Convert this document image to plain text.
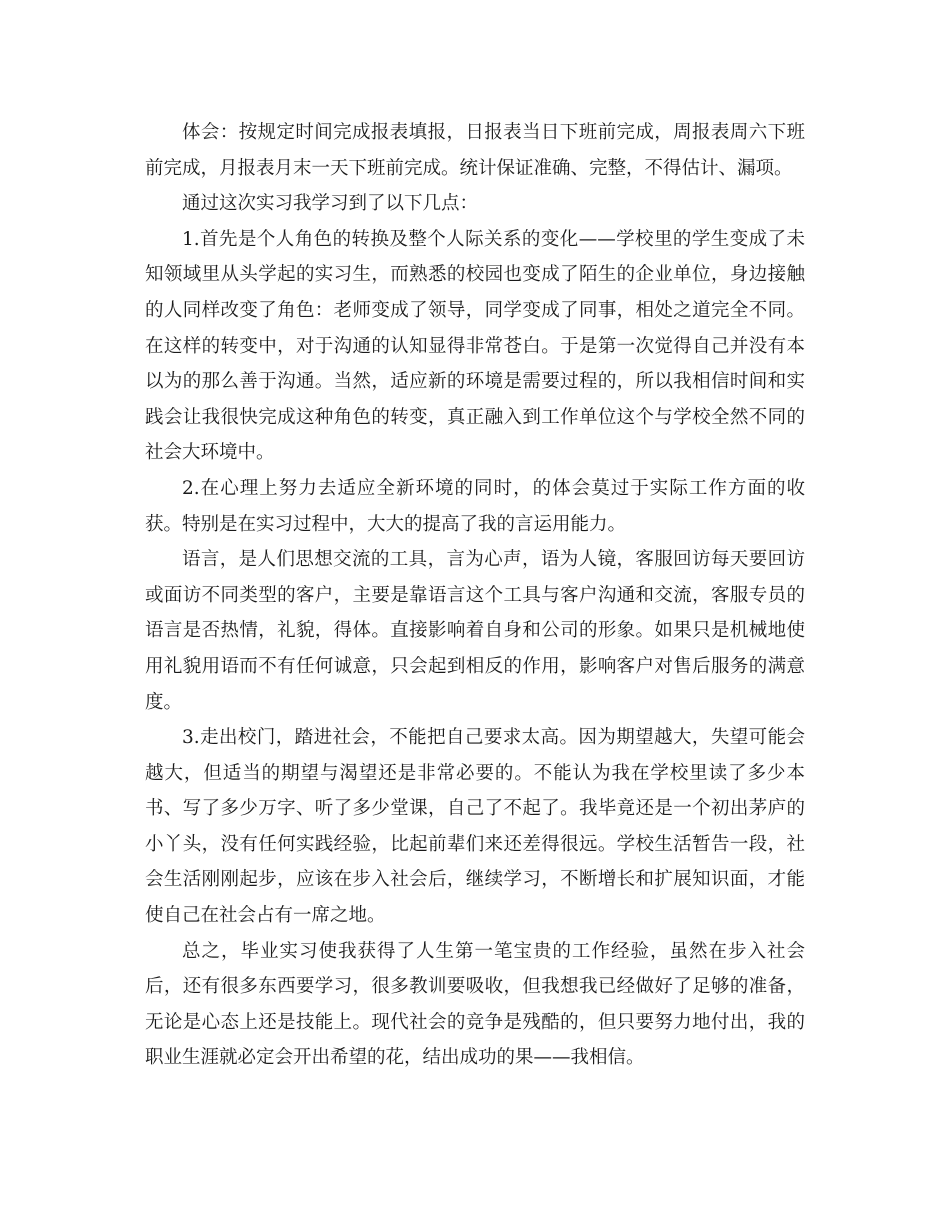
体会：按规定时间完成报表填报，日报表当日下班前完成，周报表周六下班前完成，月报表月末一天下班前完成。统计保证准确、完整，不得估计、漏项。

通过这次实习我学习到了以下几点：

1.首先是个人角色的转换及整个人际关系的变化——学校里的学生变成了未知领域里从头学起的实习生，而熟悉的校园也变成了陌生的企业单位，身边接触的人同样改变了角色：老师变成了领导，同学变成了同事，相处之道完全不同。在这样的转变中，对于沟通的认知显得非常苍白。于是第一次觉得自己并没有本以为的那么善于沟通。当然，适应新的环境是需要过程的，所以我相信时间和实践会让我很快完成这种角色的转变，真正融入到工作单位这个与学校全然不同的社会大环境中。

2.在心理上努力去适应全新环境的同时，的体会莫过于实际工作方面的收获。特别是在实习过程中，大大的提高了我的言运用能力。

语言，是人们思想交流的工具，言为心声，语为人镜，客服回访每天要回访或面访不同类型的客户，主要是靠语言这个工具与客户沟通和交流，客服专员的语言是否热情，礼貌，得体。直接影响着自身和公司的形象。如果只是机械地使用礼貌用语而不有任何诚意，只会起到相反的作用，影响客户对售后服务的满意度。

3.走出校门，踏进社会，不能把自己要求太高。因为期望越大，失望可能会越大，但适当的期望与渴望还是非常必要的。不能认为我在学校里读了多少本书、写了多少万字、听了多少堂课，自己了不起了。我毕竟还是一个初出茅庐的小丫头，没有任何实践经验，比起前辈们来还差得很远。学校生活暂告一段，社会生活刚刚起步，应该在步入社会后，继续学习，不断增长和扩展知识面，才能使自己在社会占有一席之地。

总之，毕业实习使我获得了人生第一笔宝贵的工作经验，虽然在步入社会后，还有很多东西要学习，很多教训要吸收，但我想我已经做好了足够的准备，无论是心态上还是技能上。现代社会的竞争是残酷的，但只要努力地付出，我的职业生涯就必定会开出希望的花，结出成功的果——我相信。
